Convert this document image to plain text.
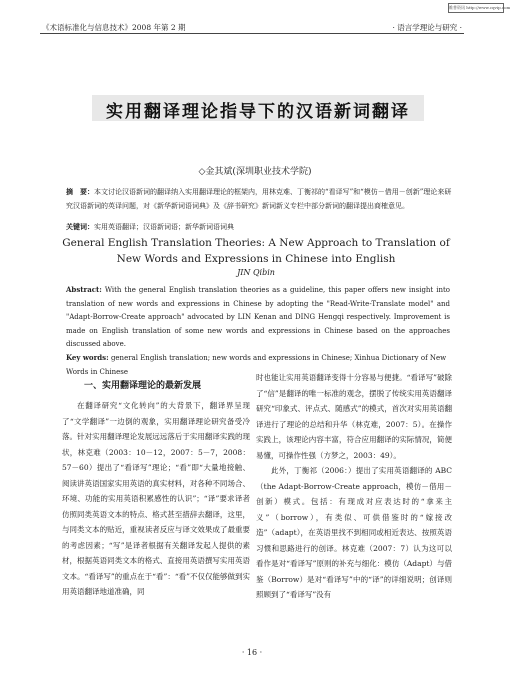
维普资讯 http://www.cqvip.com
《术语标准化与信息技术》2008 年第 2 期	· 语言学理论与研究 ·
实用翻译理论指导下的汉语新词翻译
◇金其斌(深圳职业技术学院)
摘　要：本文讨论汉语新词的翻译纳入实用翻译理论的框架内，用林克难、丁衡祁的“看译写”和“模仿－借用－创新”理论来研究汉语新词的英译问题，对《新华新词语词典》及《辞书研究》新词新义专栏中部分新词的翻译提出商榷意见。
关键词：实用英语翻译；汉语新词语；新华新词语词典
General English Translation Theories: A New Approach to Translation of New Words and Expressions in Chinese into English
JIN Qibin
Abstract: With the general English translation theories as a guideline, this paper offers new insight into translation of new words and expressions in Chinese by adopting the "Read-Write-Translate model" and "Adapt-Borrow-Create approach" advocated by LIN Kenan and DING Hengqi respectively. Improvement is made on English translation of some new words and expressions in Chinese based on the approaches discussed above.
Key words: general English translation; new words and expressions in Chinese; Xinhua Dictionary of New Words in Chinese
一、实用翻译理论的最新发展
在翻译研究“文化转向”的大背景下，翻译界呈现了“文学翻译”一边倒的观象，实用翻译理论研究备受冷落。针对实用翻译理论发展远远落后于实用翻译实践的现状，林克难（2003：10－12，2007：5－7，2008：57－60）提出了“看译写”理论；“看”即“大量地接触、阅读讲英语国家实用英语的真实材料，对各种不同场合、环境、功能的实用英语积累感性的认识”；“译”要求译者仿照同类英语文本的特点、格式甚至措辞去翻译，这里，与同类文本的贴近，重视读者反应与译文效果成了最重要的考虑因素；“写”是译者根据有关翻译发起人提供的素材，根据英语同类文本的格式、直接用英语撰写实用英语文本。“看译写”的重点在于“看”：“看”不仅仅能够做到实用英语翻译地道准确，同

时也能让实用英语翻译变得十分容易与便捷。“看译写”破除了“信”是翻译的唯一标准的观念，摆脱了传统实用英语翻译研究“印象式、评点式、随感式”的模式，首次对实用英语翻译进行了理论的总结和升华（林克难，2007：5）。在操作实践上，该理论内容丰富，符合应用翻译的实际情况，简便易懂，可操作性强（方梦之，2003：49）。

此外，丁衡祁（2006：）提出了实用英语翻译的 ABC（the Adapt-Borrow-Create approach，模仿－借用－创新）模式。包括：有现成对应表达时的“拿来主义”（borrow），有类似、可供借鉴时的“嫁接改造”（adapt），在英语里找不到相同或相近表达、按照英语习惯和思路进行的创译。林克难（2007：7）认为这可以看作是对“看译写”原则的补充与细化：模仿（Adapt）与借鉴（Borrow）是对“看译写”中的“译”的详细说明；创译则照顾到了“看译写”没有

· 16 ·
